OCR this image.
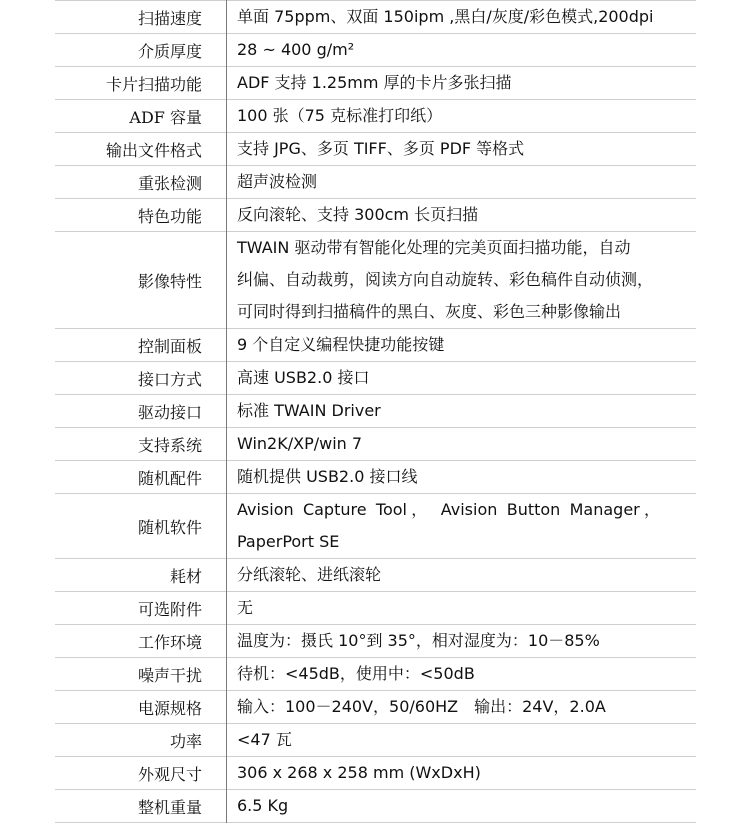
扫描速度	单面 75ppm、双面 150ipm ,黑白/灰度/彩色模式,200dpi

介质厚度	28 ~ 400 g/m²

卡片扫描功能	ADF 支持 1.25mm 厚的卡片多张扫描

ADF 容量	100 张（75 克标准打印纸）

输出文件格式	支持 JPG、多页 TIFF、多页 PDF 等格式

重张检测	超声波检测

特色功能	反向滚轮、支持 300cm 长页扫描

影像特性	TWAIN 驱动带有智能化处理的完美页面扫描功能，自动
纠偏、自动裁剪，阅读方向自动旋转、彩色稿件自动侦测，
可同时得到扫描稿件的黑白、灰度、彩色三种影像输出

控制面板	9 个自定义编程快捷功能按键

接口方式	高速 USB2.0 接口

驱动接口	标准 TWAIN Driver

支持系统	Win2K/XP/win 7

随机配件	随机提供 USB2.0 接口线

随机软件	Avision Capture Tool， Avision Button Manager，
PaperPort SE

耗材	分纸滚轮、进纸滚轮

可选附件	无

工作环境	温度为：摄氏 10°到 35°，相对湿度为：10－85%

噪声干扰	待机：<45dB，使用中：<50dB

电源规格	输入：100－240V，50/60HZ　输出：24V，2.0A

功率	<47 瓦

外观尺寸	306 x 268 x 258 mm (WxDxH)

整机重量	6.5 Kg
